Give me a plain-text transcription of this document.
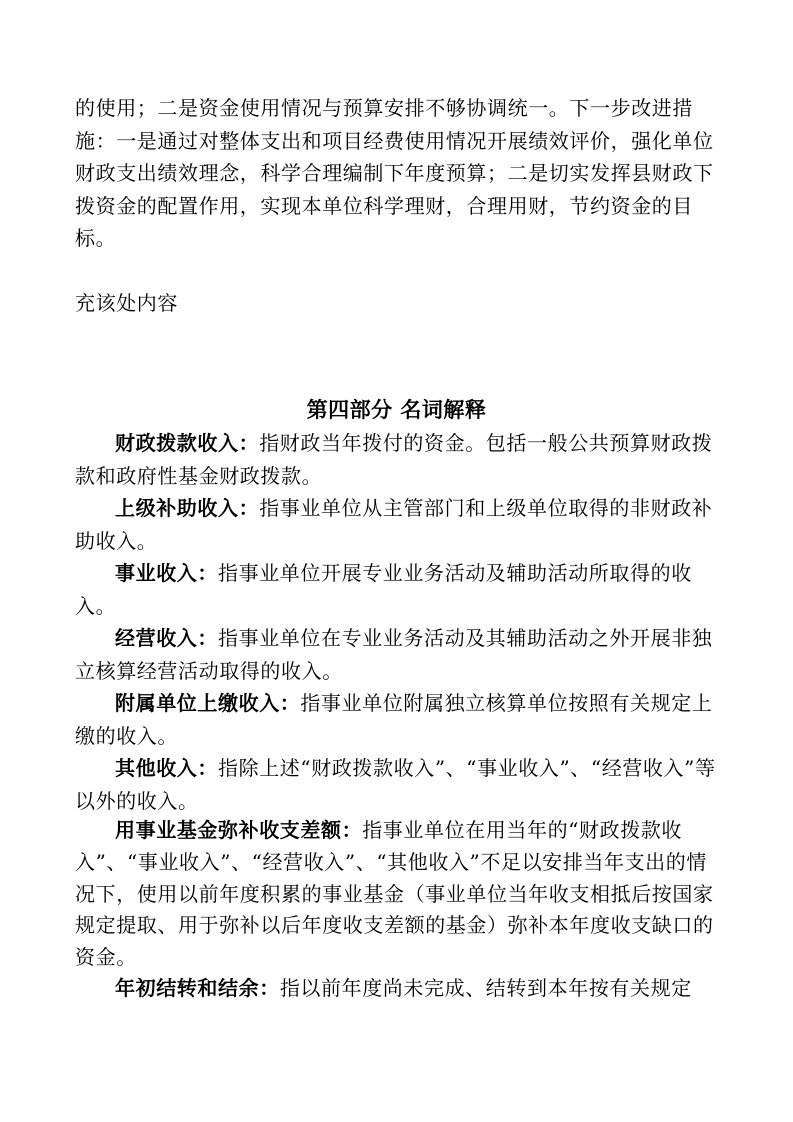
的使用；二是资金使用情况与预算安排不够协调统一。下一步改进措施：一是通过对整体支出和项目经费使用情况开展绩效评价，强化单位财政支出绩效理念，科学合理编制下年度预算；二是切实发挥县财政下拨资金的配置作用，实现本单位科学理财，合理用财，节约资金的目标。

充该处内容

第四部分 名词解释

财政拨款收入：指财政当年拨付的资金。包括一般公共预算财政拨款和政府性基金财政拨款。

上级补助收入：指事业单位从主管部门和上级单位取得的非财政补助收入。

事业收入：指事业单位开展专业业务活动及辅助活动所取得的收入。

经营收入：指事业单位在专业业务活动及其辅助活动之外开展非独立核算经营活动取得的收入。

附属单位上缴收入：指事业单位附属独立核算单位按照有关规定上缴的收入。

其他收入：指除上述“财政拨款收入”、“事业收入”、“经营收入”等以外的收入。

用事业基金弥补收支差额：指事业单位在用当年的“财政拨款收入”、“事业收入”、“经营收入”、“其他收入”不足以安排当年支出的情况下，使用以前年度积累的事业基金（事业单位当年收支相抵后按国家规定提取、用于弥补以后年度收支差额的基金）弥补本年度收支缺口的资金。

年初结转和结余：指以前年度尚未完成、结转到本年按有关规定
